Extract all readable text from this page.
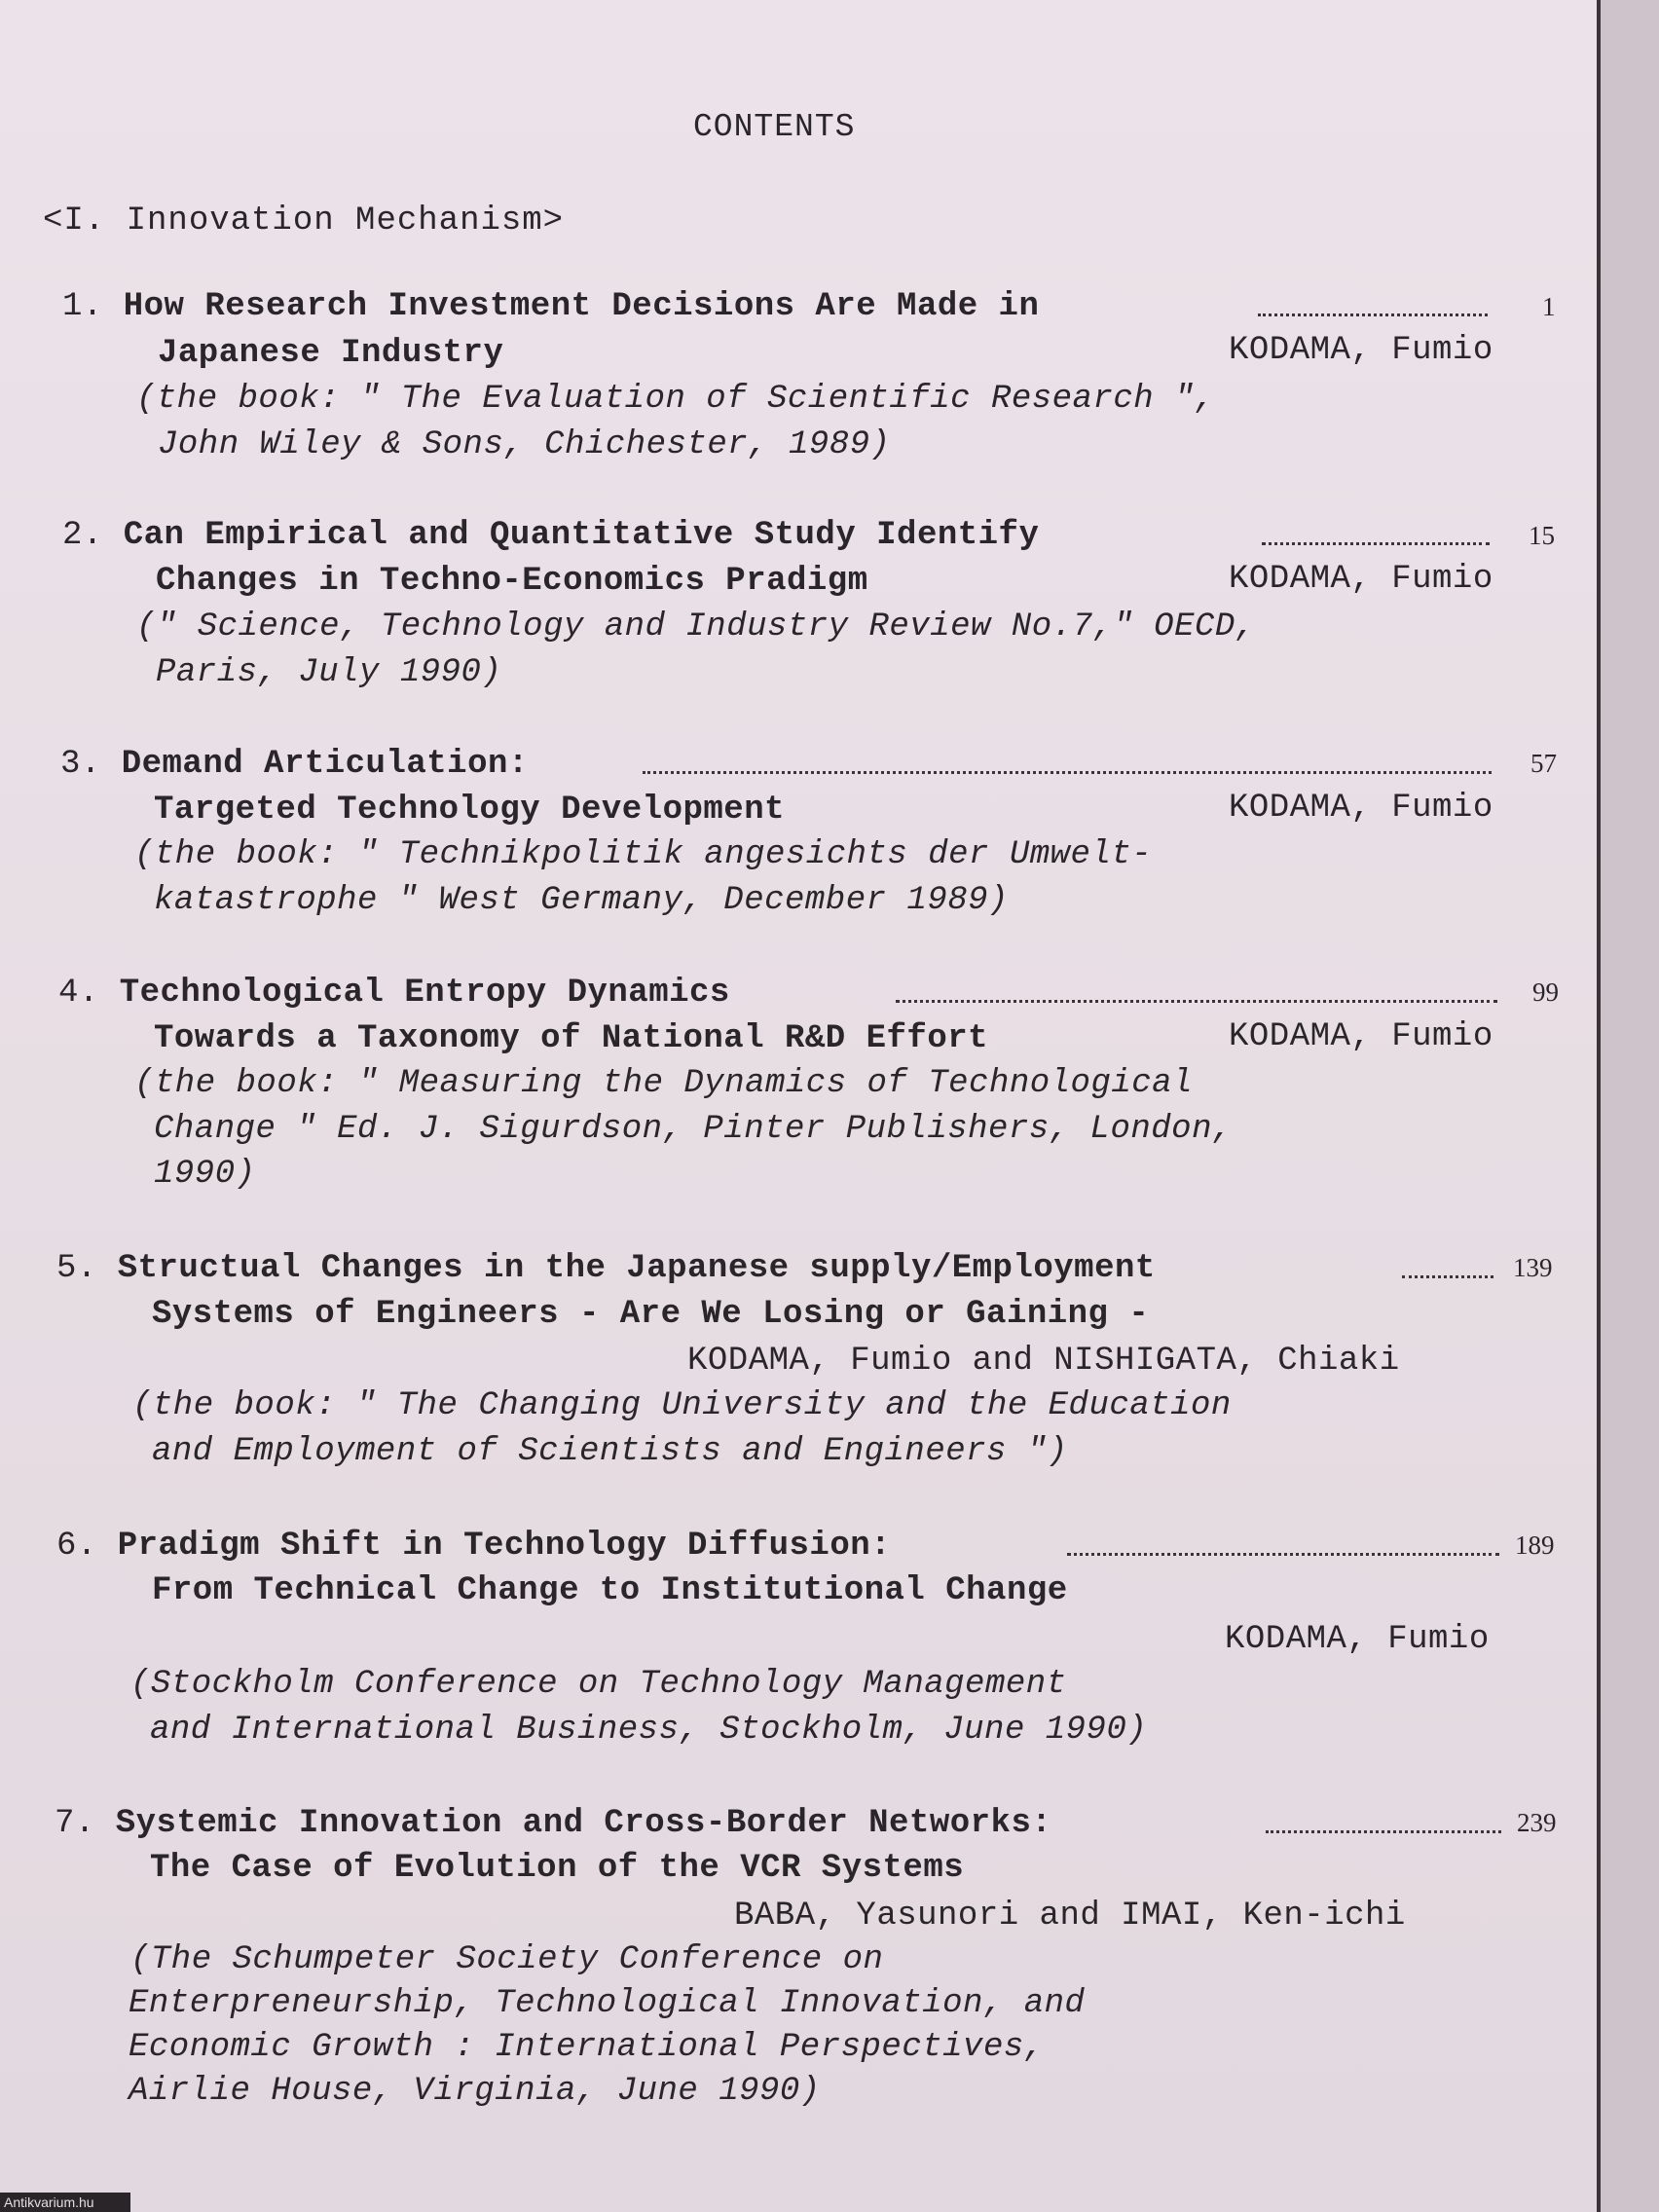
CONTENTS
<I. Innovation Mechanism>
1. How Research Investment Decisions Are Made in	1
Japanese Industry	KODAMA, Fumio
(the book: " The Evaluation of Scientific Research ",
John Wiley & Sons, Chichester, 1989)
2. Can Empirical and Quantitative Study Identify	15
Changes in Techno-Economics Pradigm	KODAMA, Fumio
(" Science, Technology and Industry Review No.7," OECD,
Paris, July 1990)
3. Demand Articulation:	57
Targeted Technology Development	KODAMA, Fumio
(the book: " Technikpolitik angesichts der Umwelt-
katastrophe " West Germany, December 1989)
4. Technological Entropy Dynamics	99
Towards a Taxonomy of National R&D Effort	KODAMA, Fumio
(the book: " Measuring the Dynamics of Technological
Change " Ed. J. Sigurdson, Pinter Publishers, London,
1990)
5. Structual Changes in the Japanese supply/Employment	139
Systems of Engineers - Are We Losing or Gaining -
KODAMA, Fumio and NISHIGATA, Chiaki
(the book: " The Changing University and the Education
and Employment of Scientists and Engineers ")
6. Pradigm Shift in Technology Diffusion:	189
From Technical Change to Institutional Change
KODAMA, Fumio
(Stockholm Conference on Technology Management
and International Business, Stockholm, June 1990)
7. Systemic Innovation and Cross-Border Networks:	239
The Case of Evolution of the VCR Systems
BABA, Yasunori and IMAI, Ken-ichi
(The Schumpeter Society Conference on
Enterpreneurship, Technological Innovation, and
Economic Growth : International Perspectives,
Airlie House, Virginia, June 1990)
Antikvarium.hu
